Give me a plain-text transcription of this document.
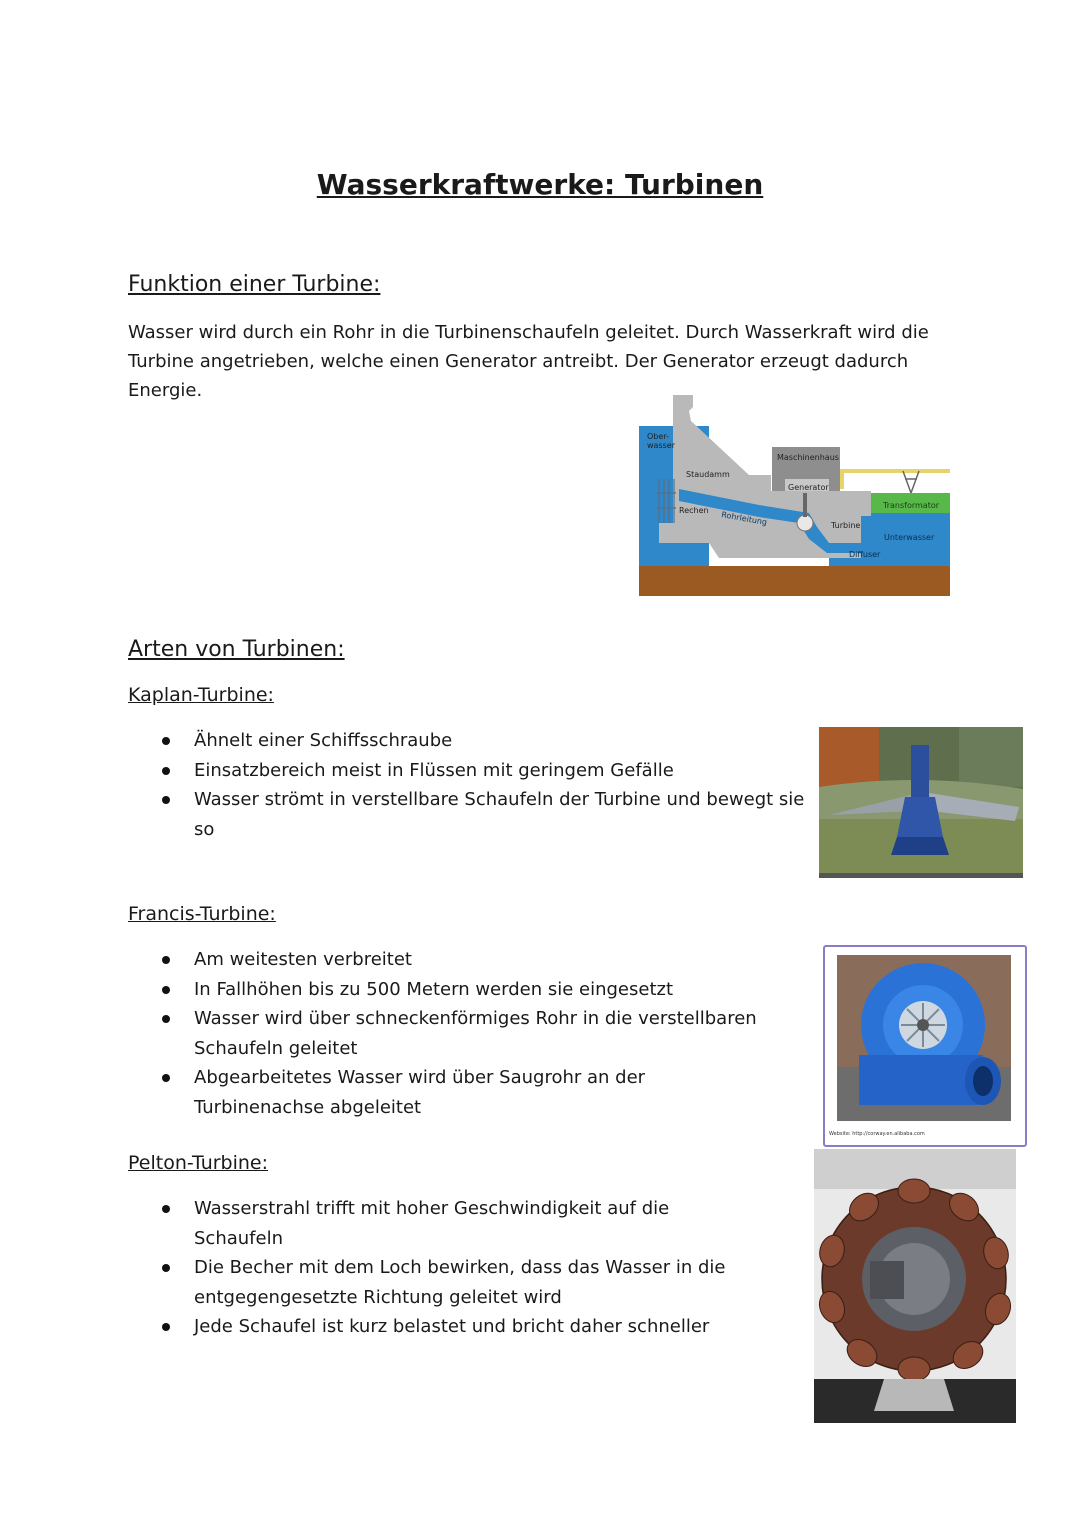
Wasserkraftwerke: Turbinen
Funktion einer Turbine:
Wasser wird durch ein Rohr in die Turbinenschaufeln geleitet. Durch Wasserkraft wird die Turbine angetrieben, welche einen Generator antreibt. Der Generator erzeugt dadurch Energie.
Ober-
wasser
Staudamm
Maschinenhaus
Generator
Transformator
Rechen Rohrleitung	Turbine
Unterwasser
Diffuser
Arten von Turbinen:
Kaplan-Turbine:
Ähnelt einer Schiffsschraube
Einsatzbereich meist in Flüssen mit geringem Gefälle
Wasser strömt in verstellbare Schaufeln der Turbine und bewegt sie so
Francis-Turbine:
Am weitesten verbreitet
In Fallhöhen bis zu 500 Metern werden sie eingesetzt
Wasser wird über schneckenförmiges Rohr in die verstellbaren Schaufeln geleitet
Abgearbeitetes Wasser wird über Saugrohr an der Turbinenachse abgeleitet
Website: http://corway.en.alibaba.com
Pelton-Turbine:
Wasserstrahl trifft mit hoher Geschwindigkeit auf die Schaufeln
Die Becher mit dem Loch bewirken, dass das Wasser in die entgegengesetzte Richtung geleitet wird
Jede Schaufel ist kurz belastet und bricht daher schneller
